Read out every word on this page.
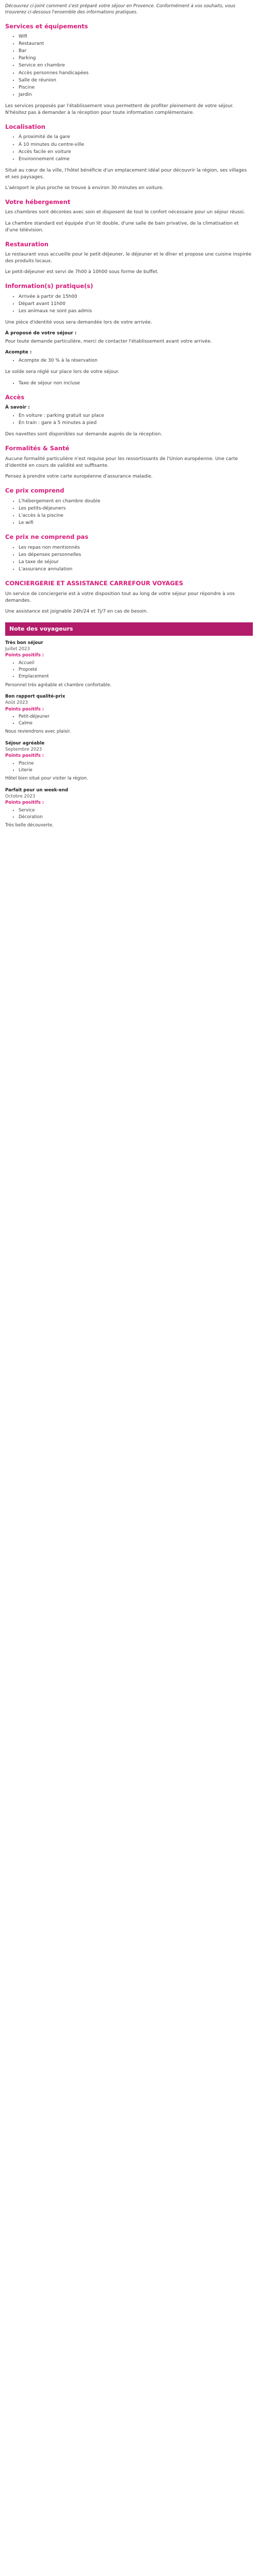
Découvrez ci-joint comment s'est préparé votre séjour en Provence. Conformément à vos souhaits, vous trouverez ci-dessous l'ensemble des informations pratiques.

Services et équipements
• Wifi
• Restaurant
• Bar
• Parking
• Service en chambre
• Accès personnes handicapées
• Salle de réunion
• Piscine
• Jardin

Les services proposés par l'établissement vous permettent de profiter pleinement de votre séjour. N'hésitez pas à demander à la réception pour toute information complémentaire.

Localisation
• À proximité de la gare
• À 10 minutes du centre-ville
• Accès facile en voiture
• Environnement calme

Situé au cœur de la ville, l'hôtel bénéficie d'un emplacement idéal pour découvrir la région, ses villages et ses paysages.

L'aéroport le plus proche se trouve à environ 30 minutes en voiture.

Votre hébergement

Les chambres sont décorées avec soin et disposent de tout le confort nécessaire pour un séjour réussi.

La chambre standard est équipée d'un lit double, d'une salle de bain privative, de la climatisation et d'une télévision.

Restauration

Le restaurant vous accueille pour le petit-déjeuner, le déjeuner et le dîner et propose une cuisine inspirée des produits locaux.

Le petit-déjeuner est servi de 7h00 à 10h00 sous forme de buffet.

Information(s) pratique(s)
• Arrivée à partir de 15h00
• Départ avant 11h00
• Les animaux ne sont pas admis

Une pièce d'identité vous sera demandée lors de votre arrivée.

À proposé de votre séjour :

Pour toute demande particulière, merci de contacter l'établissement avant votre arrivée.

Acompte :
• Acompte de 30 % à la réservation

Le solde sera réglé sur place lors de votre séjour.

• Taxe de séjour non incluse
Accès
À savoir :
• En voiture : parking gratuit sur place
• En train : gare à 5 minutes à pied

Des navettes sont disponibles sur demande auprès de la réception.

Formalités & Santé

Aucune formalité particulière n'est requise pour les ressortissants de l'Union européenne. Une carte d'identité en cours de validité est suffisante.

Pensez à prendre votre carte européenne d'assurance maladie.

Ce prix comprend
• L'hébergement en chambre double
• Les petits-déjeuners
• L'accès à la piscine
• Le wifi
Ce prix ne comprend pas
• Les repas non mentionnés
• Les dépenses personnelles
• La taxe de séjour
• L'assurance annulation
CONCIERGERIE ET ASSISTANCE CARREFOUR VOYAGES

Un service de conciergerie est à votre disposition tout au long de votre séjour pour répondre à vos demandes.

Une assistance est joignable 24h/24 et 7j/7 en cas de besoin.

Note des voyageurs
Très bon séjour
Juillet 2023
Points positifs :
• Accueil
• Propreté
• Emplacement

Personnel très agréable et chambre confortable.

Bon rapport qualité-prix
Août 2023
Points positifs :
• Petit-déjeuner
• Calme

Nous reviendrons avec plaisir.

Séjour agréable
Septembre 2023
Points positifs :
• Piscine
• Literie

Hôtel bien situé pour visiter la région.

Parfait pour un week-end
Octobre 2023
Points positifs :
• Service
• Décoration

Très belle découverte.
